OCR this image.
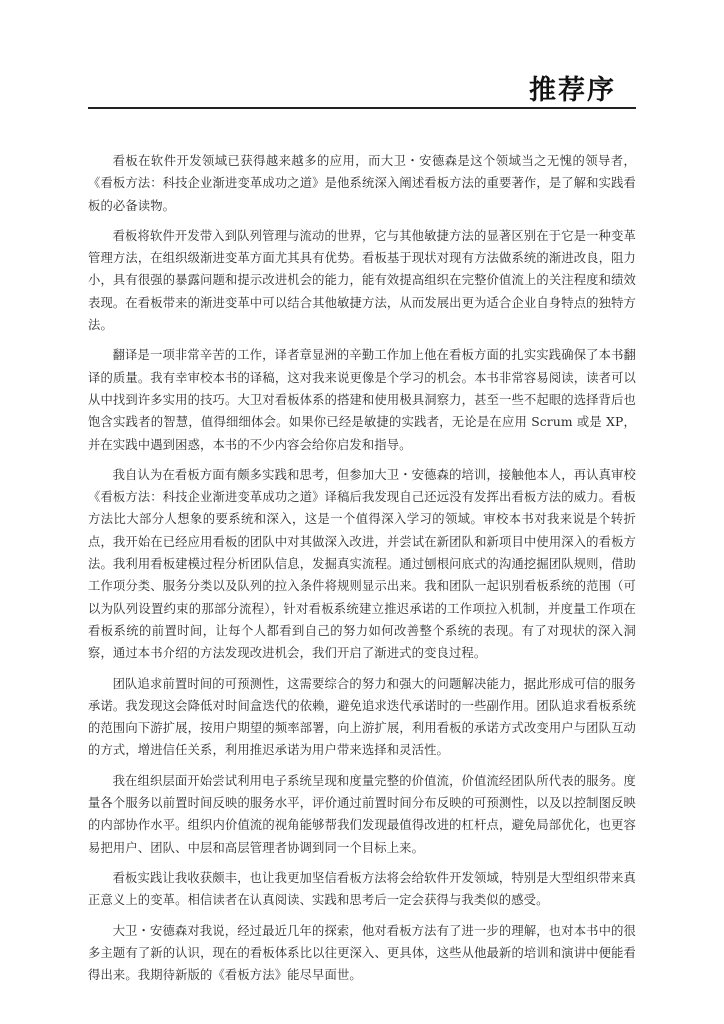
推荐序

看板在软件开发领域已获得越来越多的应用，而大卫・安德森是这个领域当之无愧的领导者，《看板方法：科技企业渐进变革成功之道》是他系统深入阐述看板方法的重要著作，是了解和实践看板的必备读物。

看板将软件开发带入到队列管理与流动的世界，它与其他敏捷方法的显著区别在于它是一种变革管理方法，在组织级渐进变革方面尤其具有优势。看板基于现状对现有方法做系统的渐进改良，阻力小，具有很强的暴露问题和提示改进机会的能力，能有效提高组织在完整价值流上的关注程度和绩效表现。在看板带来的渐进变革中可以结合其他敏捷方法，从而发展出更为适合企业自身特点的独特方法。

翻译是一项非常辛苦的工作，译者章显洲的辛勤工作加上他在看板方面的扎实实践确保了本书翻译的质量。我有幸审校本书的译稿，这对我来说更像是个学习的机会。本书非常容易阅读，读者可以从中找到许多实用的技巧。大卫对看板体系的搭建和使用极具洞察力，甚至一些不起眼的选择背后也饱含实践者的智慧，值得细细体会。如果你已经是敏捷的实践者，无论是在应用 Scrum 或是 XP，并在实践中遇到困惑，本书的不少内容会给你启发和指导。

我自认为在看板方面有颇多实践和思考，但参加大卫・安德森的培训，接触他本人，再认真审校《看板方法：科技企业渐进变革成功之道》译稿后我发现自己还远没有发挥出看板方法的威力。看板方法比大部分人想象的要系统和深入，这是一个值得深入学习的领域。审校本书对我来说是个转折点，我开始在已经应用看板的团队中对其做深入改进，并尝试在新团队和新项目中使用深入的看板方法。我利用看板建模过程分析团队信息，发掘真实流程。通过刨根问底式的沟通挖掘团队规则，借助工作项分类、服务分类以及队列的拉入条件将规则显示出来。我和团队一起识别看板系统的范围（可以为队列设置约束的那部分流程），针对看板系统建立推迟承诺的工作项拉入机制，并度量工作项在看板系统的前置时间，让每个人都看到自己的努力如何改善整个系统的表现。有了对现状的深入洞察，通过本书介绍的方法发现改进机会，我们开启了渐进式的变良过程。

团队追求前置时间的可预测性，这需要综合的努力和强大的问题解决能力，据此形成可信的服务承诺。我发现这会降低对时间盒迭代的依赖，避免追求迭代承诺时的一些副作用。团队追求看板系统的范围向下游扩展，按用户期望的频率部署，向上游扩展，利用看板的承诺方式改变用户与团队互动的方式，增进信任关系，利用推迟承诺为用户带来选择和灵活性。

我在组织层面开始尝试利用电子系统呈现和度量完整的价值流，价值流经团队所代表的服务。度量各个服务以前置时间反映的服务水平，评价通过前置时间分布反映的可预测性，以及以控制图反映的内部协作水平。组织内价值流的视角能够帮我们发现最值得改进的杠杆点，避免局部优化，也更容易把用户、团队、中层和高层管理者协调到同一个目标上来。

看板实践让我收获颇丰，也让我更加坚信看板方法将会给软件开发领域，特别是大型组织带来真正意义上的变革。相信读者在认真阅读、实践和思考后一定会获得与我类似的感受。

大卫・安德森对我说，经过最近几年的探索，他对看板方法有了进一步的理解，也对本书中的很多主题有了新的认识，现在的看板体系比以往更深入、更具体，这些从他最新的培训和演讲中便能看得出来。我期待新版的《看板方法》能尽早面世。
